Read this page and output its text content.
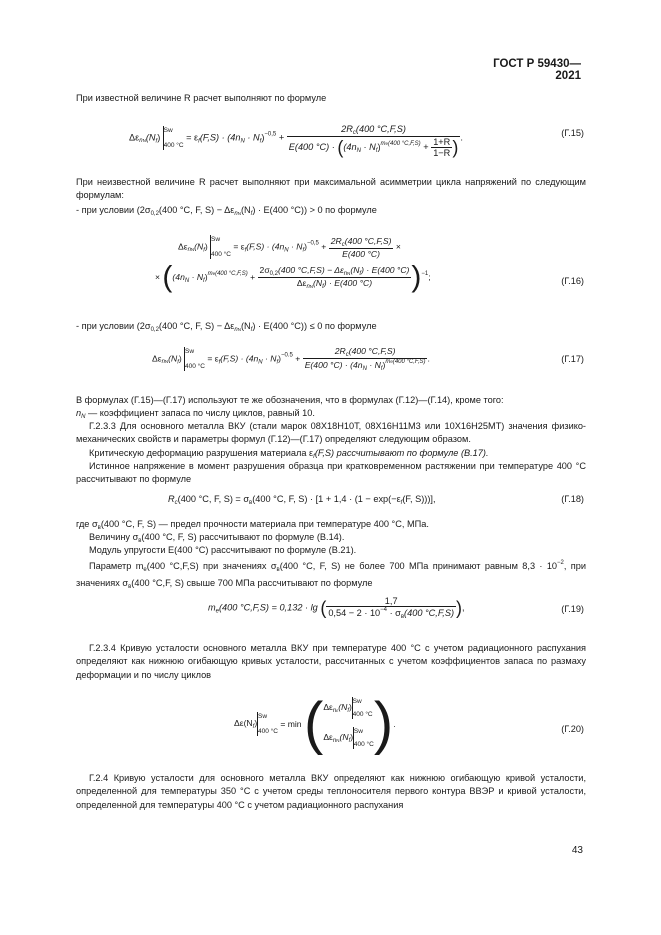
ГОСТ Р 59430—2021
При известной величине R расчет выполняют по формуле
$\Delta\varepsilon_{nN}(N_f)$
Sw
400 °C
= $\varepsilon_f(F,S) \cdot (4n_N \cdot N_f)^{-0,5}$ +
$2R_c(400$ °C,F,S)
E(400 $^\circ C) \cdot ((4n_N \cdot N_f)^{me(400 ^\circ C,F,S)} + \frac{1+R}{1-R}$ )
.	(Г.15)
При неизвестной величине R расчет выполняют при максимальной асимметрии цикла напряжений по следующим формулам:
- при условии ($2\sigma_{0,2}(400$ °C, F, $S) - \Delta\varepsilon_{nN}(N_f) \cdot E(400$ °C)) > 0 по формуле
$\Delta\varepsilon_{nN}(N_f)$
Sw
400 °C
= $\varepsilon_f(F,S) \cdot (4n_N \cdot N_f)^{-0,5} + \frac{2R_c(400 ^\circ C,F,S)}{E(400 ^\circ C)}$ ×
× $((4n_N \cdot N_f)^{me(400 ^\circ C,F,S)} + \frac{2\sigma_{0,2}(400 ^\circ C,F,S) - \Delta\varepsilon_{nN}(N_f) \cdot E(400 ^\circ C)}{\Delta\varepsilon_{nN}(N_f) \cdot E(400 ^\circ C)} )^{-1}$;	(Г.16)
- при условии ($2\sigma_{0,2}(400$ °C, F, $S) - \Delta\varepsilon_{nN}(N_f) \cdot E(400$ °C)) ≤ 0 по формуле
$\Delta\varepsilon_{nN}(N_f)$
Sw
400 °C
= $\varepsilon_f(F,S) \cdot (4n_N \cdot N_f)^{-0.5} + \frac{2R_c(400 ^\circ C,F,S)}{E(400 ^\circ C) \cdot (4n_N \cdot N_f)^{me(400 ^\circ C,F,S)}}$ .	(Г.17)
В формулах (Г.15)—(Г.17) используют те же обозначения, что в формулах (Г.12)—(Г.14), кроме того:
$n_N$ — коэффициент запаса по числу циклов, равный 10.
Г.2.3.3 Для основного металла ВКУ (стали марок 08Х18Н10Т, 08Х16Н11М3 или 10Х16Н25МТ) значения физико-механических свойств и параметры формул (Г.12)—(Г.17) определяют следующим образом.
Критическую деформацию разрушения материала $\varepsilon_f(F,S)$ рассчитывают по формуле (В.17).
Истинное напряжение в момент разрушения образца при кратковременном растяжении при температуре 400 °C рассчитывают по формуле
$R_c(400$ °C, F, $S) = \sigma_в(400$ °C, F, $S) \cdot [1 + 1,4 \cdot (1 - \exp(-\varepsilon_f(F$, S)))],	(Г.18)
где $\sigma_в(400$ °C, F, S) — предел прочности материала при температуре 400 °C, МПа.
Величину $\sigma_в(400$ °C, F, S) рассчитывают по формуле (В.14).
Модуль упругости E(400 °C) рассчитывают по формуле (В.21).
Параметр $m_e(400$ °C,F,S) при значениях $\sigma_в(400$ °C, F, S) не более 700 МПа принимают равным $8,3 \cdot 10^{-2}$, при значениях $\sigma_в(400$ °C,F, S) свыше 700 МПа рассчитывают по формуле
$m_e(400$ °C,F,S) = 0,132 · lg ( $\frac{1,7}{0,54 - 2 \cdot 10^{-4} \cdot \sigma_в(400 ^\circ C,F,S)}$ ),	(Г.19)
Г.2.3.4 Кривую усталости основного металла ВКУ при температуре 400 °C с учетом радиационного распухания определяют как нижнюю огибающую кривых усталости, рассчитанных с учетом коэффициентов запаса по размаху деформации и по числу циклов
$\Delta\varepsilon(N_f)$
Sw
400 °C
= min ( $\Delta\varepsilon_{n\varepsilon}(N_f)$
Sw
400 °C
$\Delta\varepsilon_{nN}(N_f)$
Sw
400 °C ).	(Г.20)
Г.2.4 Кривую усталости для основного металла ВКУ определяют как нижнюю огибающую кривой усталости, определенной для температуры 350 °C с учетом среды теплоносителя первого контура ВВЭР и кривой усталости, определенной для температуры 400 °C с учетом радиационного распухания
43
